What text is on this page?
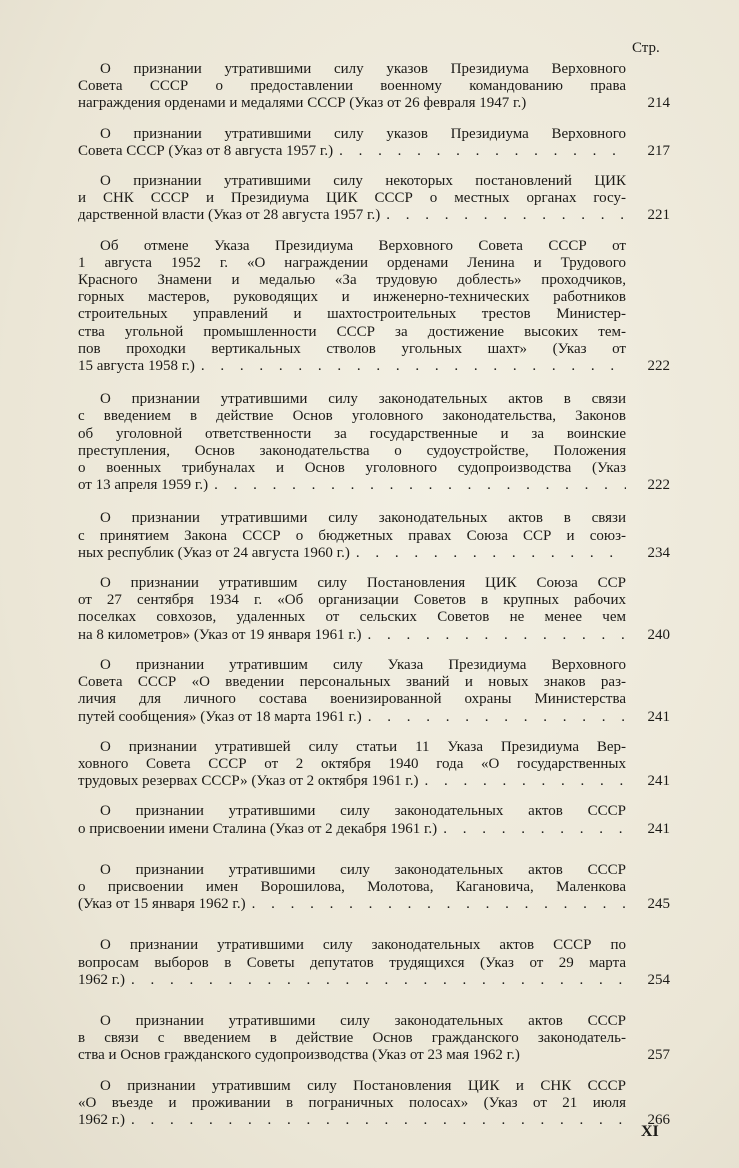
Стр.
О признании утратившими силу указов Президиума Верховного
Совета СССР о предоставлении военному командованию права
награждения орденами и медалями СССР (Указ от 26 февраля 1947 г.)	214
О признании утратившими силу указов Президиума Верховного
Совета СССР (Указ от 8 августа 1957 г.) . . .	217
О признании утратившими силу некоторых постановлений ЦИК
и СНК СССР и Президиума ЦИК СССР о местных органах госу-
дарственной власти (Указ от 28 августа 1957 г.) . . .	221
Об отмене Указа Президиума Верховного Совета СССР от
1 августа 1952 г. «О награждении орденами Ленина и Трудового
Красного Знамени и медалью «За трудовую доблесть» проходчиков,
горных мастеров, руководящих и инженерно-технических работников
строительных управлений и шахтостроительных трестов Министер-
ства угольной промышленности СССР за достижение высоких тем-
пов проходки вертикальных стволов угольных шахт» (Указ от
15 августа 1958 г.) . . .	222
О признании утратившими силу законодательных актов в связи
с введением в действие Основ уголовного законодательства, Законов
об уголовной ответственности за государственные и за воинские
преступления, Основ законодательства о судоустройстве, Положения
о военных трибуналах и Основ уголовного судопроизводства (Указ
от 13 апреля 1959 г.) . . .	222
О признании утратившими силу законодательных актов в связи
с принятием Закона СССР о бюджетных правах Союза ССР и союз-
ных республик (Указ от 24 августа 1960 г.) . . .	234
О признании утратившим силу Постановления ЦИК Союза ССР
от 27 сентября 1934 г. «Об организации Советов в крупных рабочих
поселках совхозов, удаленных от сельских Советов не менее чем
на 8 километров» (Указ от 19 января 1961 г.) . . .	240
О признании утратившим силу Указа Президиума Верховного
Совета СССР «О введении персональных званий и новых знаков раз-
личия для личного состава военизированной охраны Министерства
путей сообщения» (Указ от 18 марта 1961 г.) . . .	241
О признании утратившей силу статьи 11 Указа Президиума Вер-
ховного Совета СССР от 2 октября 1940 года «О государственных
трудовых резервах СССР» (Указ от 2 октября 1961 г.) . . .	241
О признании утратившими силу законодательных актов СССР
о присвоении имени Сталина (Указ от 2 декабря 1961 г.) . . .	241
О признании утратившими силу законодательных актов СССР
о присвоении имен Ворошилова, Молотова, Кагановича, Маленкова
(Указ от 15 января 1962 г.) . . .	245
О признании утратившими силу законодательных актов СССР по
вопросам выборов в Советы депутатов трудящихся (Указ от 29 марта
1962 г.) . . .	254
О признании утратившими силу законодательных актов СССР
в связи с введением в действие Основ гражданского законодатель-
ства и Основ гражданского судопроизводства (Указ от 23 мая 1962 г.)	257
О признании утратившим силу Постановления ЦИК и СНК СССР
«О въезде и проживании в пограничных полосах» (Указ от 21 июля
1962 г.) . . .	266
XI
